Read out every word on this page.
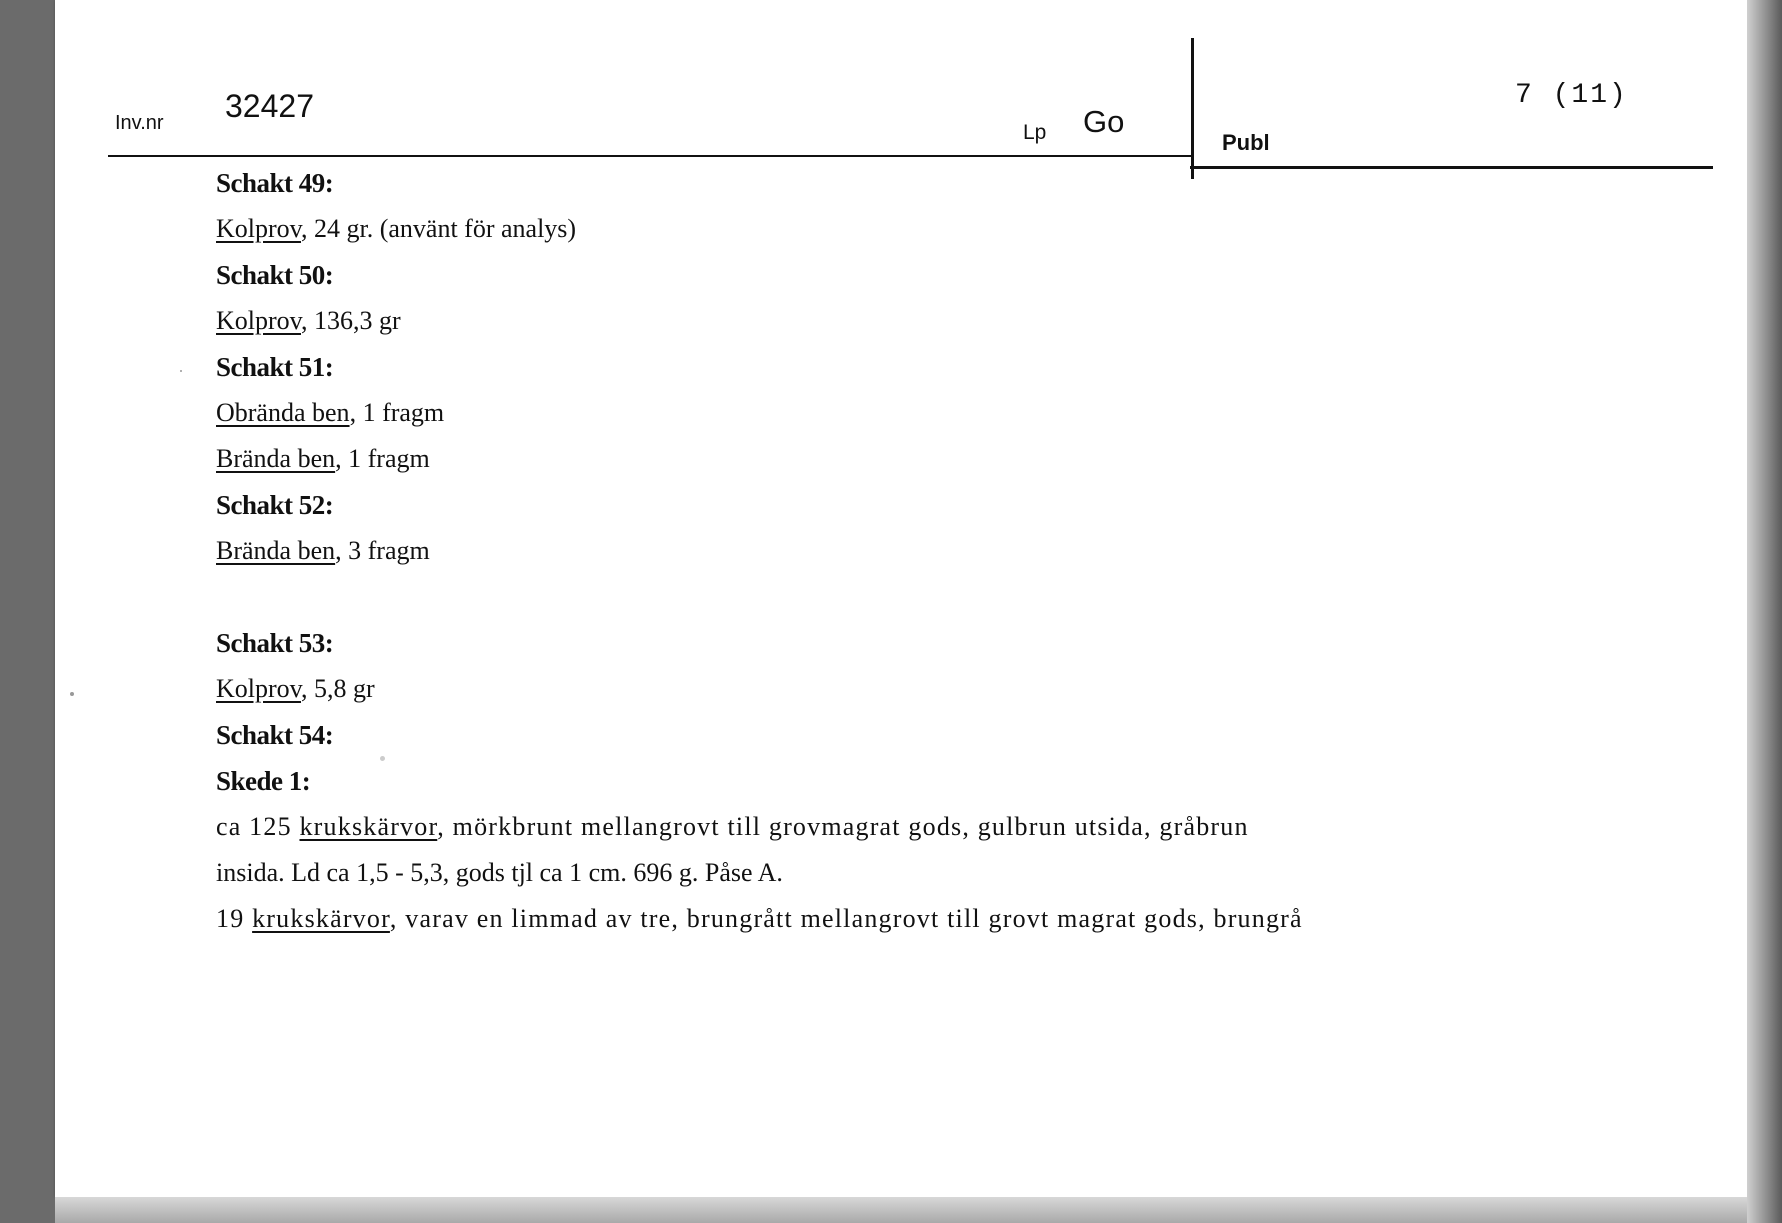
Inv.nr 32427
Lp Go
Publ
7 (11)
Schakt 49:
Kolprov, 24 gr. (använt för analys)
Schakt 50:
Kolprov, 136,3 gr
Schakt 51:
Obrända ben, 1 fragm
Brända ben, 1 fragm
Schakt 52:
Brända ben, 3 fragm
Schakt 53:
Kolprov, 5,8 gr
Schakt 54:
Skede 1:
ca 125 krukskärvor, mörkbrunt mellangrovt till grovmagrat gods, gulbrun utsida, gråbrun
insida. Ld ca 1,5 - 5,3, gods tjl ca 1 cm. 696 g. Påse A.
19 krukskärvor, varav en limmad av tre, brungrått mellangrovt till grovt magrat gods, brungrå
